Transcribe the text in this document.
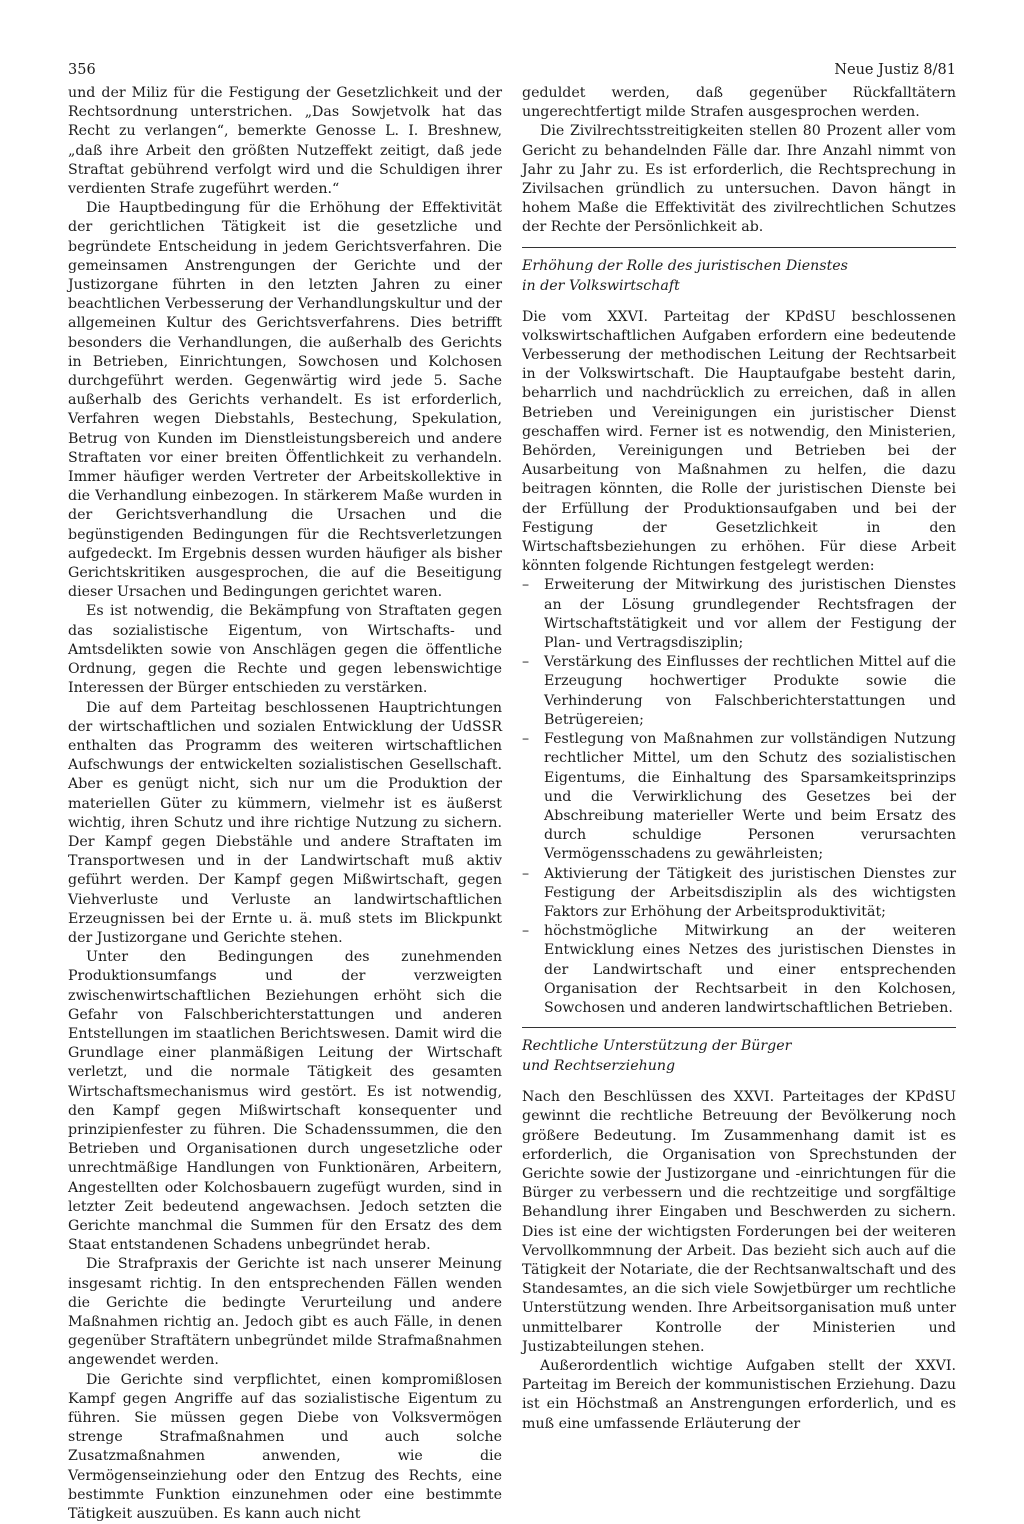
356	Neue Justiz 8/81

und der Miliz für die Festigung der Gesetzlichkeit und der Rechtsordnung unterstrichen. „Das Sowjetvolk hat das Recht zu verlangen“, bemerkte Genosse L. I. Breshnew, „daß ihre Arbeit den größten Nutzeffekt zeitigt, daß jede Straftat gebührend verfolgt wird und die Schuldigen ihrer verdienten Strafe zugeführt werden.“

Die Hauptbedingung für die Erhöhung der Effektivität der gerichtlichen Tätigkeit ist die gesetzliche und begründete Entscheidung in jedem Gerichtsverfahren. Die gemeinsamen Anstrengungen der Gerichte und der Justizorgane führten in den letzten Jahren zu einer beachtlichen Verbesserung der Verhandlungskultur und der allgemeinen Kultur des Gerichtsverfahrens. Dies betrifft besonders die Verhandlungen, die außerhalb des Gerichts in Betrieben, Einrichtungen, Sowchosen und Kolchosen durchgeführt werden. Gegenwärtig wird jede 5. Sache außerhalb des Gerichts verhandelt. Es ist erforderlich, Verfahren wegen Diebstahls, Bestechung, Spekulation, Betrug von Kunden im Dienstleistungsbereich und andere Straftaten vor einer breiten Öffentlichkeit zu verhandeln. Immer häufiger werden Vertreter der Arbeitskollektive in die Verhandlung einbezogen. In stärkerem Maße wurden in der Gerichtsverhandlung die Ursachen und die begünstigenden Bedingungen für die Rechtsverletzungen aufgedeckt. Im Ergebnis dessen wurden häufiger als bisher Gerichtskritiken ausgesprochen, die auf die Beseitigung dieser Ursachen und Bedingungen gerichtet waren.

Es ist notwendig, die Bekämpfung von Straftaten gegen das sozialistische Eigentum, von Wirtschafts- und Amtsdelikten sowie von Anschlägen gegen die öffentliche Ordnung, gegen die Rechte und gegen lebenswichtige Interessen der Bürger entschieden zu verstärken.

Die auf dem Parteitag beschlossenen Hauptrichtungen der wirtschaftlichen und sozialen Entwicklung der UdSSR enthalten das Programm des weiteren wirtschaftlichen Aufschwungs der entwickelten sozialistischen Gesellschaft. Aber es genügt nicht, sich nur um die Produktion der materiellen Güter zu kümmern, vielmehr ist es äußerst wichtig, ihren Schutz und ihre richtige Nutzung zu sichern. Der Kampf gegen Diebstähle und andere Straftaten im Transportwesen und in der Landwirtschaft muß aktiv geführt werden. Der Kampf gegen Mißwirtschaft, gegen Viehverluste und Verluste an landwirtschaftlichen Erzeugnissen bei der Ernte u. ä. muß stets im Blickpunkt der Justizorgane und Gerichte stehen.

Unter den Bedingungen des zunehmenden Produktionsumfangs und der verzweigten zwischenwirtschaftlichen Beziehungen erhöht sich die Gefahr von Falschberichterstattungen und anderen Entstellungen im staatlichen Berichtswesen. Damit wird die Grundlage einer planmäßigen Leitung der Wirtschaft verletzt, und die normale Tätigkeit des gesamten Wirtschaftsmechanismus wird gestört. Es ist notwendig, den Kampf gegen Mißwirtschaft konsequenter und prinzipienfester zu führen. Die Schadenssummen, die den Betrieben und Organisationen durch ungesetzliche oder unrechtmäßige Handlungen von Funktionären, Arbeitern, Angestellten oder Kolchosbauern zugefügt wurden, sind in letzter Zeit bedeutend angewachsen. Jedoch setzten die Gerichte manchmal die Summen für den Ersatz des dem Staat entstandenen Schadens unbegründet herab.

Die Strafpraxis der Gerichte ist nach unserer Meinung insgesamt richtig. In den entsprechenden Fällen wenden die Gerichte die bedingte Verurteilung und andere Maßnahmen richtig an. Jedoch gibt es auch Fälle, in denen gegenüber Straftätern unbegründet milde Strafmaßnahmen angewendet werden.

Die Gerichte sind verpflichtet, einen kompromißlosen Kampf gegen Angriffe auf das sozialistische Eigentum zu führen. Sie müssen gegen Diebe von Volksvermögen strenge Strafmaßnahmen und auch solche Zusatzmaßnahmen anwenden, wie die Vermögenseinziehung oder den Entzug des Rechts, eine bestimmte Funktion einzunehmen oder eine bestimmte Tätigkeit auszuüben. Es kann auch nicht

geduldet werden, daß gegenüber Rückfalltätern ungerechtfertigt milde Strafen ausgesprochen werden.

Die Zivilrechtsstreitigkeiten stellen 80 Prozent aller vom Gericht zu behandelnden Fälle dar. Ihre Anzahl nimmt von Jahr zu Jahr zu. Es ist erforderlich, die Rechtsprechung in Zivilsachen gründlich zu untersuchen. Davon hängt in hohem Maße die Effektivität des zivilrechtlichen Schutzes der Rechte der Persönlichkeit ab.

Erhöhung der Rolle des juristischen Dienstes
in der Volkswirtschaft

Die vom XXVI. Parteitag der KPdSU beschlossenen volkswirtschaftlichen Aufgaben erfordern eine bedeutende Verbesserung der methodischen Leitung der Rechtsarbeit in der Volkswirtschaft. Die Hauptaufgabe besteht darin, beharrlich und nachdrücklich zu erreichen, daß in allen Betrieben und Vereinigungen ein juristischer Dienst geschaffen wird. Ferner ist es notwendig, den Ministerien, Behörden, Vereinigungen und Betrieben bei der Ausarbeitung von Maßnahmen zu helfen, die dazu beitragen könnten, die Rolle der juristischen Dienste bei der Erfüllung der Produktionsaufgaben und bei der Festigung der Gesetzlichkeit in den Wirtschaftsbeziehungen zu erhöhen. Für diese Arbeit könnten folgende Richtungen festgelegt werden:

– Erweiterung der Mitwirkung des juristischen Dienstes an der Lösung grundlegender Rechtsfragen der Wirtschaftstätigkeit und vor allem der Festigung der Plan- und Vertragsdisziplin;
– Verstärkung des Einflusses der rechtlichen Mittel auf die Erzeugung hochwertiger Produkte sowie die Verhinderung von Falschberichterstattungen und Betrügereien;
– Festlegung von Maßnahmen zur vollständigen Nutzung rechtlicher Mittel, um den Schutz des sozialistischen Eigentums, die Einhaltung des Sparsamkeitsprinzips und die Verwirklichung des Gesetzes bei der Abschreibung materieller Werte und beim Ersatz des durch schuldige Personen verursachten Vermögensschadens zu gewährleisten;
– Aktivierung der Tätigkeit des juristischen Dienstes zur Festigung der Arbeitsdisziplin als des wichtigsten Faktors zur Erhöhung der Arbeitsproduktivität;
– höchstmögliche Mitwirkung an der weiteren Entwicklung eines Netzes des juristischen Dienstes in der Landwirtschaft und einer entsprechenden Organisation der Rechtsarbeit in den Kolchosen, Sowchosen und anderen landwirtschaftlichen Betrieben.
Rechtliche Unterstützung der Bürger
und Rechtserziehung

Nach den Beschlüssen des XXVI. Parteitages der KPdSU gewinnt die rechtliche Betreuung der Bevölkerung noch größere Bedeutung. Im Zusammenhang damit ist es erforderlich, die Organisation von Sprechstunden der Gerichte sowie der Justizorgane und -einrichtungen für die Bürger zu verbessern und die rechtzeitige und sorgfältige Behandlung ihrer Eingaben und Beschwerden zu sichern. Dies ist eine der wichtigsten Forderungen bei der weiteren Vervollkommnung der Arbeit. Das bezieht sich auch auf die Tätigkeit der Notariate, die der Rechtsanwaltschaft und des Standesamtes, an die sich viele Sowjetbürger um rechtliche Unterstützung wenden. Ihre Arbeitsorganisation muß unter unmittelbarer Kontrolle der Ministerien und Justizabteilungen stehen.

Außerordentlich wichtige Aufgaben stellt der XXVI. Parteitag im Bereich der kommunistischen Erziehung. Dazu ist ein Höchstmaß an Anstrengungen erforderlich, und es muß eine umfassende Erläuterung der
